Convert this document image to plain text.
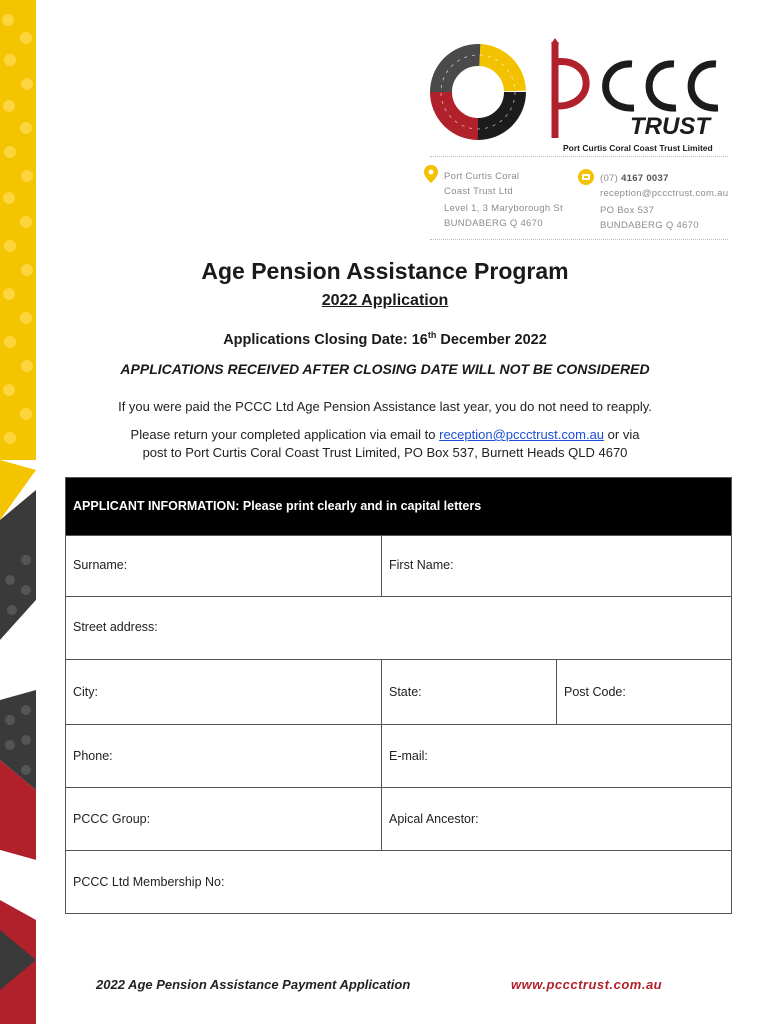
TRUST
Port Curtis Coral Coast Trust Limited
Port Curtis Coral
Coast Trust Ltd
Level 1, 3 Maryborough St
BUNDABERG Q 4670
(07) 4167 0037
reception@pccctrust.com.au
PO Box 537
BUNDABERG Q 4670
Age Pension Assistance Program
2022 Application
Applications Closing Date: 16th December 2022
APPLICATIONS RECEIVED AFTER CLOSING DATE WILL NOT BE CONSIDERED
If you were paid the PCCC Ltd Age Pension Assistance last year, you do not need to reapply.
Please return your completed application via email to reception@pccctrust.com.au or via
post to Port Curtis Coral Coast Trust Limited, PO Box 537, Burnett Heads QLD 4670
APPLICANT INFORMATION: Please print clearly and in capital letters
Surname:	First Name:
Street address:
City:	State:	Post Code:
Phone:	E-mail:
PCCC Group:	Apical Ancestor:
PCCC Ltd Membership No:
2022 Age Pension Assistance Payment Application	www.pccctrust.com.au
